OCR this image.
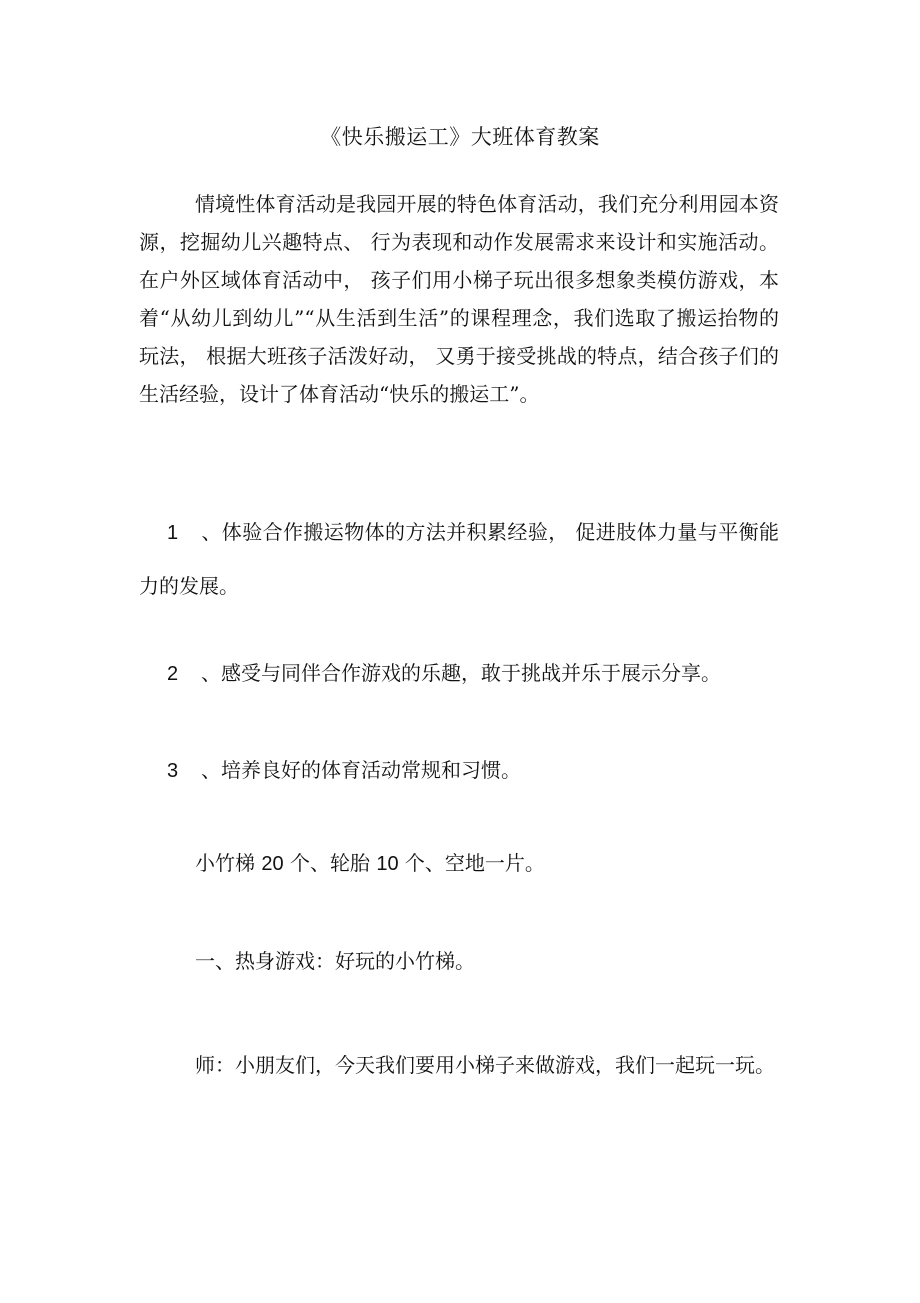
《快乐搬运工》大班体育教案

情境性体育活动是我园开展的特色体育活动，我们充分利用园本资源，挖掘幼儿兴趣特点、 行为表现和动作发展需求来设计和实施活动。在户外区域体育活动中， 孩子们用小梯子玩出很多想象类模仿游戏，本着“从幼儿到幼儿”“从生活到生活”的课程理念，我们选取了搬运抬物的玩法， 根据大班孩子活泼好动， 又勇于接受挑战的特点，结合孩子们的生活经验，设计了体育活动“快乐的搬运工”。

1 、体验合作搬运物体的方法并积累经验， 促进肢体力量与平衡能力的发展。

2 、感受与同伴合作游戏的乐趣，敢于挑战并乐于展示分享。

3 、培养良好的体育活动常规和习惯。

小竹梯 20 个、轮胎 10 个、空地一片。

一、热身游戏：好玩的小竹梯。

师：小朋友们，今天我们要用小梯子来做游戏，我们一起玩一玩。
